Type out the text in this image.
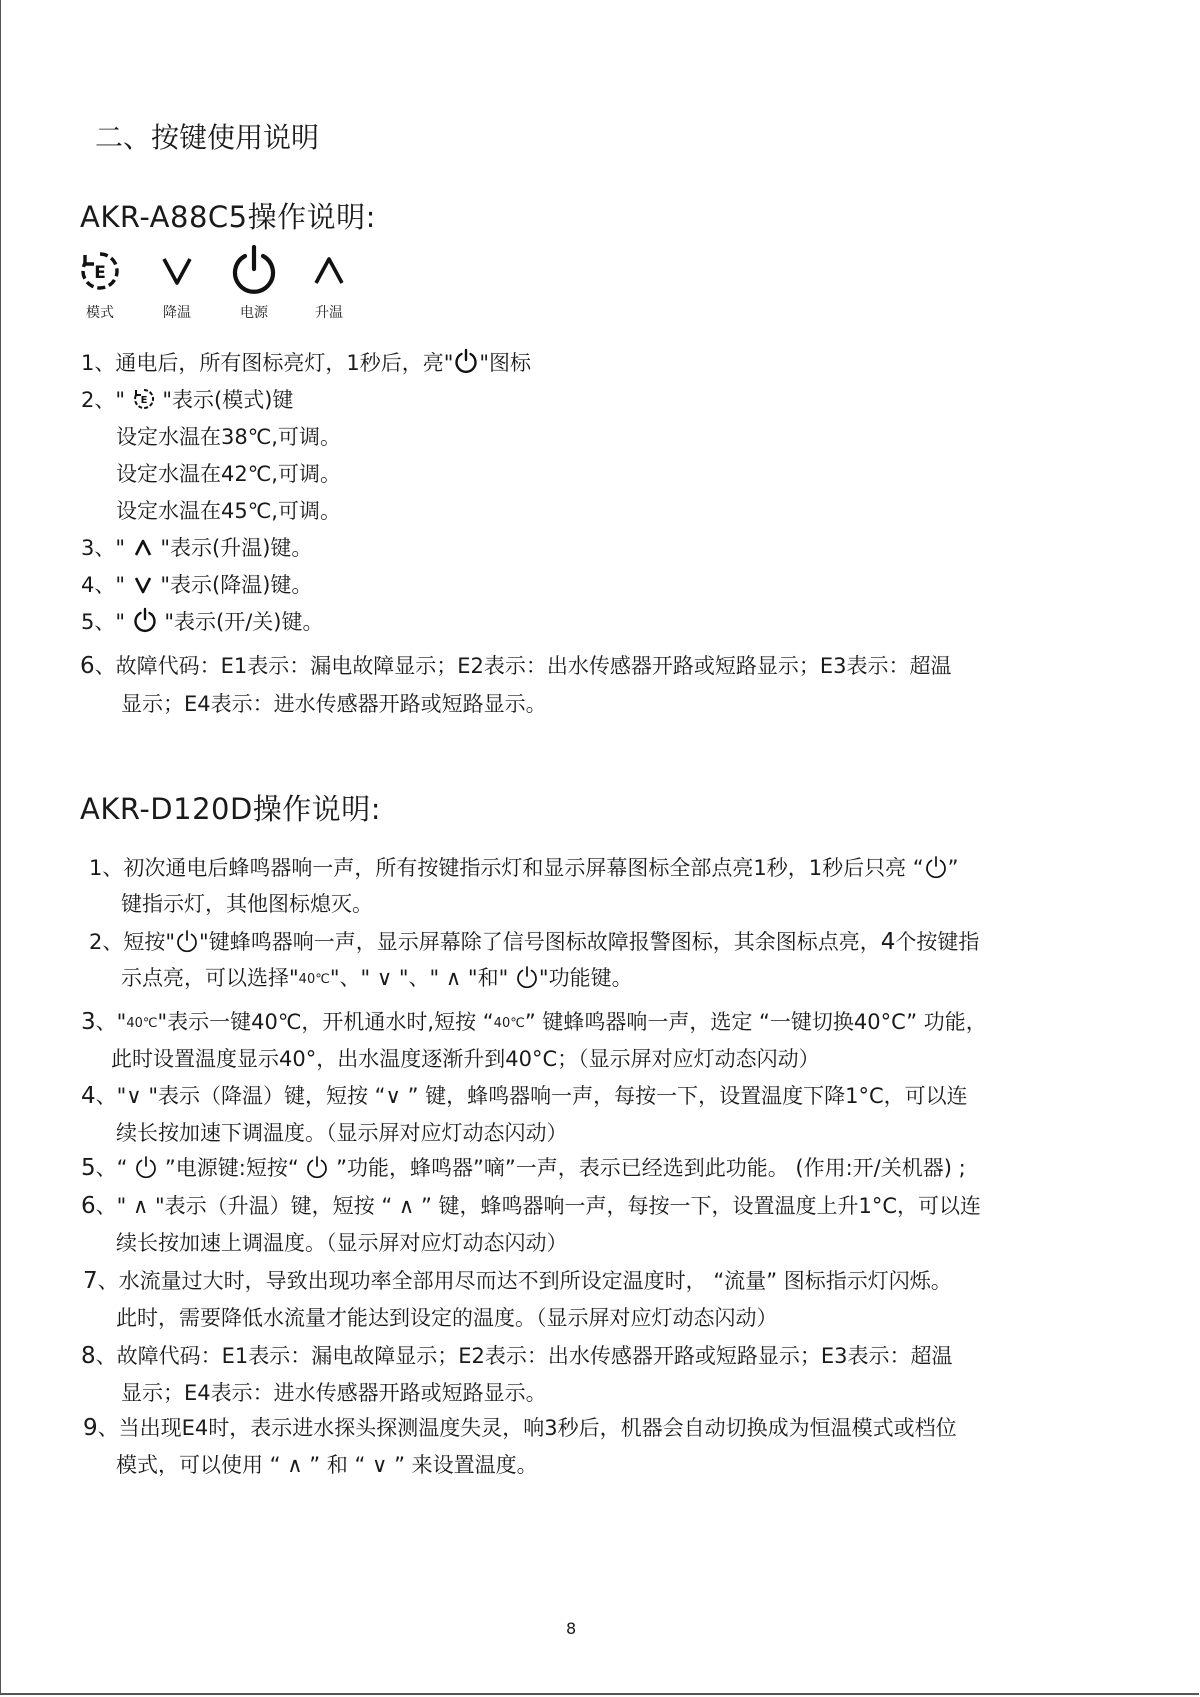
二、按键使用说明
AKR-A88C5操作说明:
E
模式	降温	电源	升温
1、通电后，所有图标亮灯，1秒后，亮" "图标
2、" E "表示(模式)键
设定水温在38℃,可调。
设定水温在42℃,可调。
设定水温在45℃,可调。
3、"  "表示(升温)键。
4、"  "表示(降温)键。
5、"  "表示(开/关)键。
6、故障代码：E1表示：漏电故障显示；E2表示：出水传感器开路或短路显示；E3表示：超温
显示；E4表示：进水传感器开路或短路显示。
AKR-D120D操作说明:
1、初次通电后蜂鸣器响一声，所有按键指示灯和显示屏幕图标全部点亮1秒，1秒后只亮 “ ”
键指示灯，其他图标熄灭。
2、短按" "键蜂鸣器响一声，显示屏幕除了信号图标故障报警图标，其余图标点亮，4个按键指
示点亮，可以选择"40℃"、" ∨ "、" ∧ "和" "功能键。
3、"40℃"表示一键40℃，开机通水时,短按 “40℃” 键蜂鸣器响一声，选定 “一键切换40°C” 功能，
此时设置温度显示40°，出水温度逐渐升到40°C；（显示屏对应灯动态闪动）
4、"∨ "表示（降温）键，短按 “∨ ” 键，蜂鸣器响一声，每按一下，设置温度下降1°C，可以连
续长按加速下调温度。（显示屏对应灯动态闪动）
5、“  ”电源键:短按“  ”功能，蜂鸣器”嘀”一声，表示已经选到此功能。 (作用:开/关机器) ;
6、" ∧ "表示（升温）键，短按 “ ∧ ” 键，蜂鸣器响一声，每按一下，设置温度上升1°C，可以连
续长按加速上调温度。（显示屏对应灯动态闪动）
7、水流量过大时，导致出现功率全部用尽而达不到所设定温度时， “流量” 图标指示灯闪烁。
此时，需要降低水流量才能达到设定的温度。（显示屏对应灯动态闪动）
8、故障代码：E1表示：漏电故障显示；E2表示：出水传感器开路或短路显示；E3表示：超温
显示；E4表示：进水传感器开路或短路显示。
9、当出现E4时，表示进水探头探测温度失灵，响3秒后，机器会自动切换成为恒温模式或档位
模式，可以使用 “ ∧ ” 和 “ ∨ ” 来设置温度。
8
